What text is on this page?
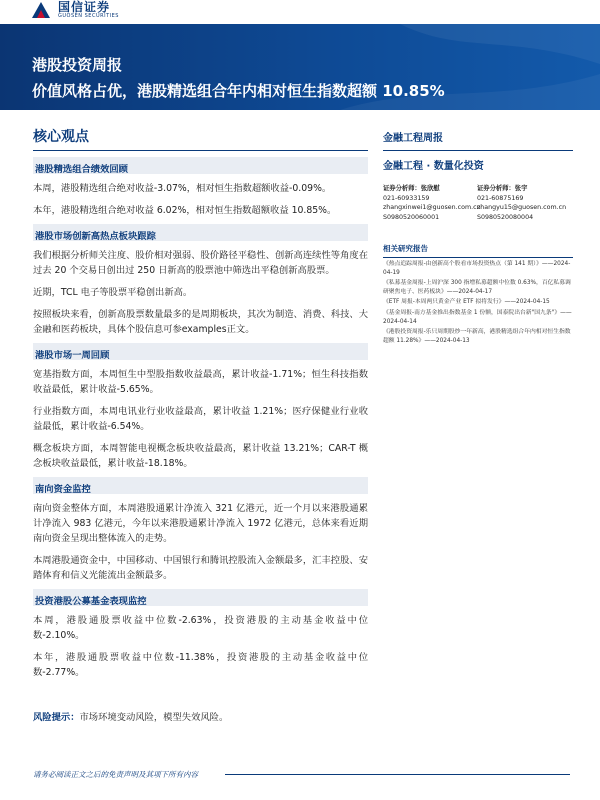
国信证券
GUOSEN SECURITIES
港股投资周报
价值风格占优，港股精选组合年内相对恒生指数超额 10.85%
核心观点
港股精选组合绩效回顾
本周，港股精选组合绝对收益-3.07%，相对恒生指数超额收益-0.09%。
本年，港股精选组合绝对收益 6.02%，相对恒生指数超额收益 10.85%。
港股市场创新高热点板块跟踪
我们根据分析师关注度、股价相对强弱、股价路径平稳性、创新高连续性等角度在过去 20 个交易日创出过 250 日新高的股票池中筛选出平稳创新高股票。
近期，TCL 电子等股票平稳创出新高。
按照板块来看，创新高股票数量最多的是周期板块，其次为制造、消费、科技、大金融和医药板块，具体个股信息可参examples正文。
港股市场一周回顾
宽基指数方面，本周恒生中型股指数收益最高，累计收益-1.71%；恒生科技指数收益最低，累计收益-5.65%。
行业指数方面，本周电讯业行业收益最高，累计收益 1.21%；医疗保健业行业收益最低，累计收益-6.54%。
概念板块方面，本周智能电视概念板块收益最高，累计收益 13.21%；CAR-T 概念板块收益最低，累计收益-18.18%。
南向资金监控
南向资金整体方面，本周港股通累计净流入 321 亿港元，近一个月以来港股通累计净流入 983 亿港元，今年以来港股通累计净流入 1972 亿港元，总体来看近期南向资金呈现出整体流入的走势。
本周港股通资金中，中国移动、中国银行和腾讯控股流入金额最多，汇丰控股、安踏体育和信义光能流出金额最多。
投资港股公募基金表现监控
本周，港股通股票收益中位数-2.63%，投资港股的主动基金收益中位数-2.10%。
本年，港股通股票收益中位数-11.38%，投资港股的主动基金收益中位数-2.77%。
风险提示：市场环境变动风险，模型失效风险。
金融工程周报
金融工程 · 数量化投资
证券分析师：张欣慰
021-60933159
zhangxinwei1@guosen.com.cn
S0980520060001
证券分析师：张宇
021-60875169
zhangyu15@guosen.com.cn
S0980520080004
相关研究报告
《热点追踪周报-由创新高个股看市场投资热点（第 141 期）》——2024-04-19
《私募基金周报-上周沪深 300 指增私募超额中位数 0.63%，百亿私募调研聚焦电子、医药板块》——2024-04-17
《ETF 周报-本周两只黄金产业 ETF 拟将发行》——2024-04-15
《基金周报-南方基金推出指数基金 1 份额，国泰院出台新"国九条"》——2024-04-14
《港股投资周报-乐只周期股炒一年新高，港股精选组合年内相对恒生指数超额 11.28%》——2024-04-13
请务必阅读正文之后的免责声明及其项下所有内容
